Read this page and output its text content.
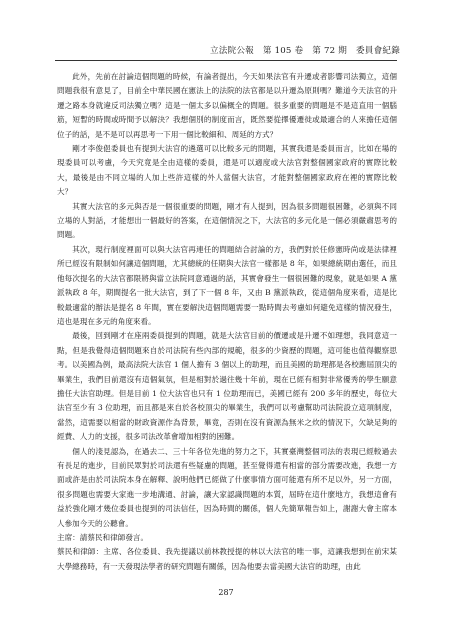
立法院公報 第 105 卷 第 72 期 委員會紀錄

此外，先前在討論這個問題的時候，有論者提出，今天如果法官有升遷或者影響司法獨立，這個問題我很有意見了，目前全中華民國在憲法上的法院的法官都是以升遷為原則嗎？難道今天法官的升遷之路本身就違反司法獨立嗎？這是一個太多以偏概全的問題。很多重要的問題是不是這直用一個腦筋，短暫的時間或時間予以解決？我想個別的制度而言，既然要從擇優遷徙或最適合的人來擔任這個位子的話，是不是可以再思考一下用一個比較細和、周延的方式？

剛才李俊俋委員也有提到大法官的遴選可以比較多元的問題，其實我還是委員而言，比如在場的現委員可以考慮，今天究竟是全由這樣的委員，還是可以適度或大法官對整個國家政府的實際比較大，最後是由不同立場的人加上些許這樣的外人當個大法官，才能對整個國家政府在裡的實際比較大？

其實大法官的多元與否是一個很重要的問題，剛才有人提到，因為很多問題很困難，必須與不同立場的人對話，才能想出一個最好的答案，在這個情況之下，大法官的多元化是一個必須嚴肅思考的問題。

其次，現行制度裡面可以與大法官再連任的問題結合討論的方，我們對於任修憲時尚或是法律裡所已經沒有限制如何讓這個問題，尤其總統的任期與大法官一樣都是 8 年，如果總統期由選任，而且他每次提名的大法官都限將與當立法院同意通過的話，其實會發生一個很困難的現象，就是如果 A 黨派執政 8 年，期間提名一批大法官，到了下一個 8 年，又由 B 黨派執政，從這個角度來看，這是比較最適當的辦法是提名 8 年間，實在要解決這個問題需要一點時間去考慮如何避免這樣的情況發生，這也是現在多元的角度來看。

最後，回到剛才在座兩委員提到的問題，就是大法官目前的價遷或是升遷不如理想，我同意這一點，但是我覺得這個問題來自於司法院有些內部的規範，很多的少資歷的問題，這可能也值得觀察思考。以美國為例，最高法院大法官 1 個人擔有 3 個以上的助理，而且美國的助理都是各校應屆頂尖的畢業生，我們目前還沒有這個氣氛，但是相對於過往幾十年前，現在已經有相對非常優秀的學生願意擔任大法官助理。但是目前 1 位大法官也只有 1 位助理而已，美國已經有 200 多年的歷史，每位大法官至少有 3 位助理，而且都是來自於各校頂尖的畢業生，我們可以考慮幫助司法院設立這項制度，當然，這需要以相當的財政資源作為背景，畢竟，否則在沒有資源為無米之炊的情況下，欠缺足夠的經費、人力的支援，很多司法改革會增加相對的困難。

個人的淺見認為，在過去二、三十年各位先進的努力之下，其實臺灣整個司法的表現已經較過去有長足的進步，目前民眾對於司法還有些疑慮的問題，甚至覺得還有相當的部分需要改進，我想一方面或許是由於司法院本身在解釋、說明他們已經做了什麼事情方面可能還有所不足以外，另一方面，很多問題也需要大家進一步地溝通、討論，讓大家認識問題的本質，屆時在這什麼地方，我想這會有益於強化剛才幾位委員也提到的司法信任，因為時間的關係，個人先簡單報告如上，謝謝大會主席本人參加今天的公聽會。

主席：請蔡民和律師發言。

蔡民和律師：主席、各位委員、我先提議以前林教授提的林以大法官的唯一事，這讓我想到在前宋某大學總務時，有一天發現法學者的研究問題有關係，因為他要去當美國大法官的助理，由此

287
